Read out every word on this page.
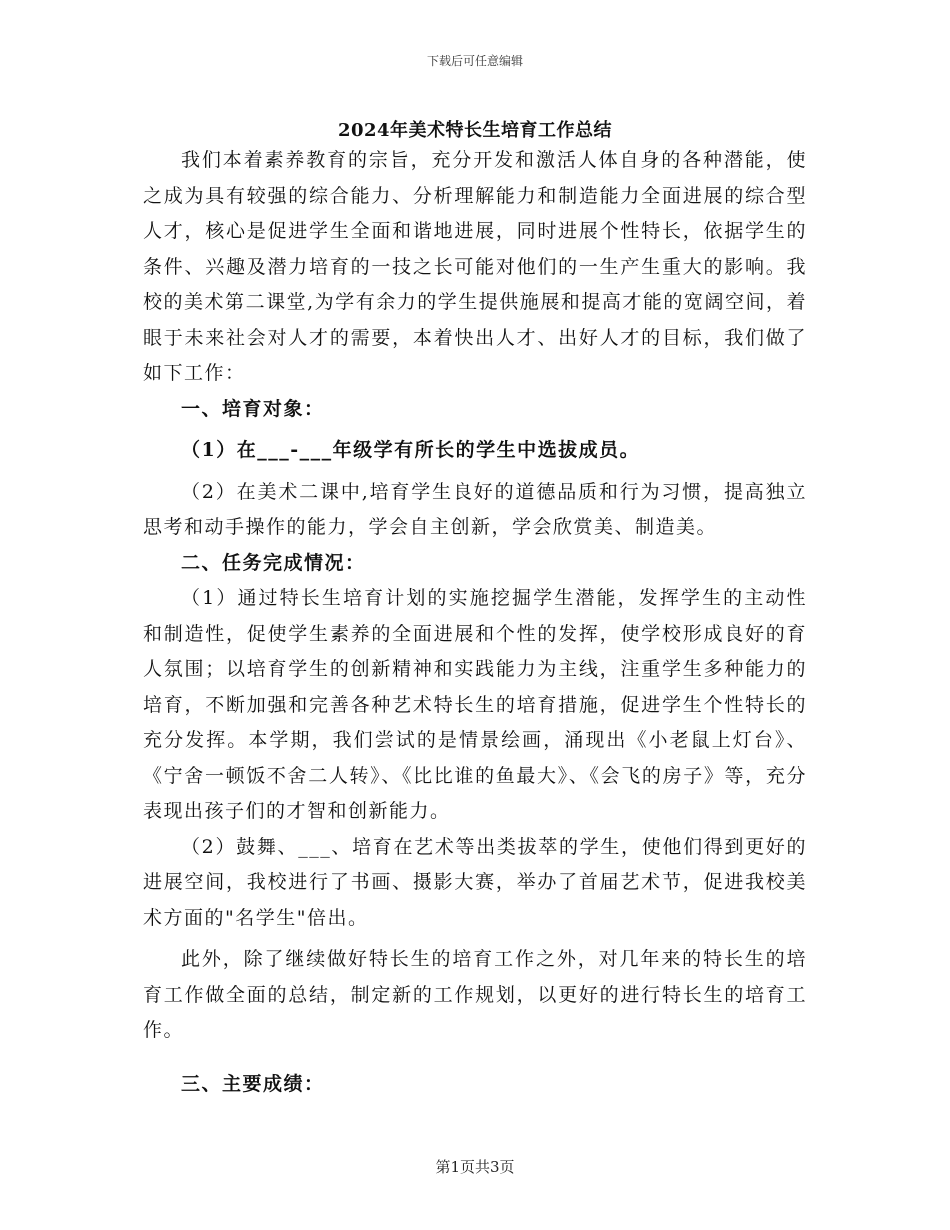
下载后可任意编辑
2024年美术特长生培育工作总结

我们本着素养教育的宗旨，充分开发和激活人体自身的各种潜能，使之成为具有较强的综合能力、分析理解能力和制造能力全面进展的综合型人才，核心是促进学生全面和谐地进展，同时进展个性特长，依据学生的条件、兴趣及潜力培育的一技之长可能对他们的一生产生重大的影响。我校的美术第二课堂,为学有余力的学生提供施展和提高才能的宽阔空间，着眼于未来社会对人才的需要，本着快出人才、出好人才的目标，我们做了如下工作：

一、培育对象：

（1）在___-___年级学有所长的学生中选拔成员。

（2）在美术二课中,培育学生良好的道德品质和行为习惯，提高独立思考和动手操作的能力，学会自主创新，学会欣赏美、制造美。

二、任务完成情况：

（1）通过特长生培育计划的实施挖掘学生潜能，发挥学生的主动性和制造性，促使学生素养的全面进展和个性的发挥，使学校形成良好的育人氛围；以培育学生的创新精神和实践能力为主线，注重学生多种能力的培育，不断加强和完善各种艺术特长生的培育措施，促进学生个性特长的充分发挥。本学期，我们尝试的是情景绘画，涌现出《小老鼠上灯台》、《宁舍一顿饭不舍二人转》、《比比谁的鱼最大》、《会飞的房子》等，充分表现出孩子们的才智和创新能力。

（2）鼓舞、___、培育在艺术等出类拔萃的学生，使他们得到更好的进展空间，我校进行了书画、摄影大赛，举办了首届艺术节，促进我校美术方面的"名学生"倍出。

此外，除了继续做好特长生的培育工作之外，对几年来的特长生的培育工作做全面的总结，制定新的工作规划，以更好的进行特长生的培育工作。

三、主要成绩：

第1页共3页
